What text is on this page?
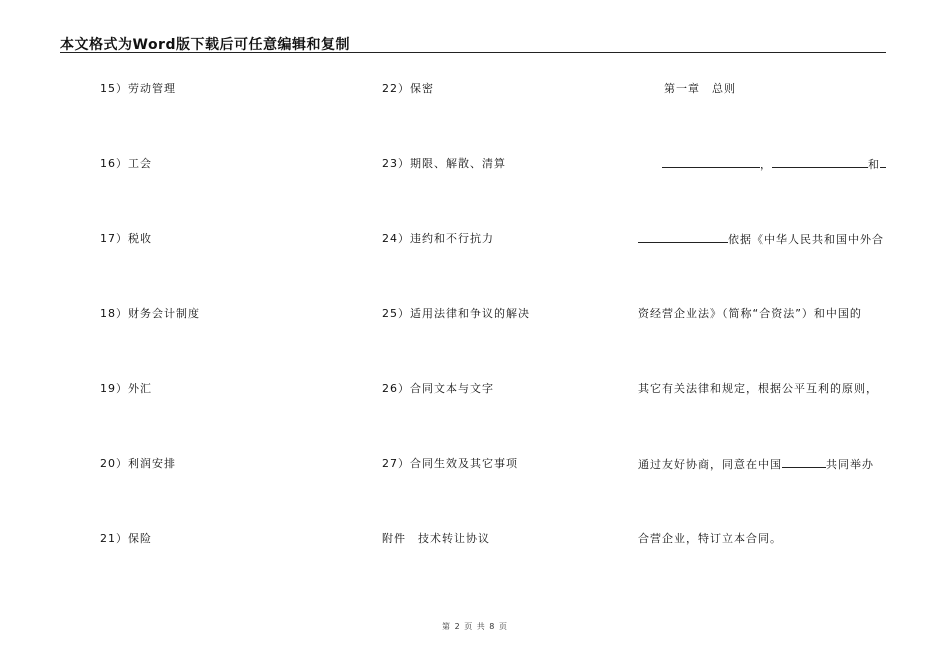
本文格式为Word版下载后可任意编辑和复制
15）劳动管理
16）工会
17）税收
18）财务会计制度
19）外汇
20）利润安排
21）保险
22）保密
23）期限、解散、清算
24）违约和不行抗力
25）适用法律和争议的解决
26）合同文本与文字
27）合同生效及其它事项
附件　技术转让协议
第一章　总则
，	和
依据《中华人民共和国中外合
资经营企业法》（简称“合资法”）和中国的
其它有关法律和规定，根据公平互利的原则，
通过友好协商，同意在中国	共同举办
合营企业，特订立本合同。
第 2 页 共 8 页
